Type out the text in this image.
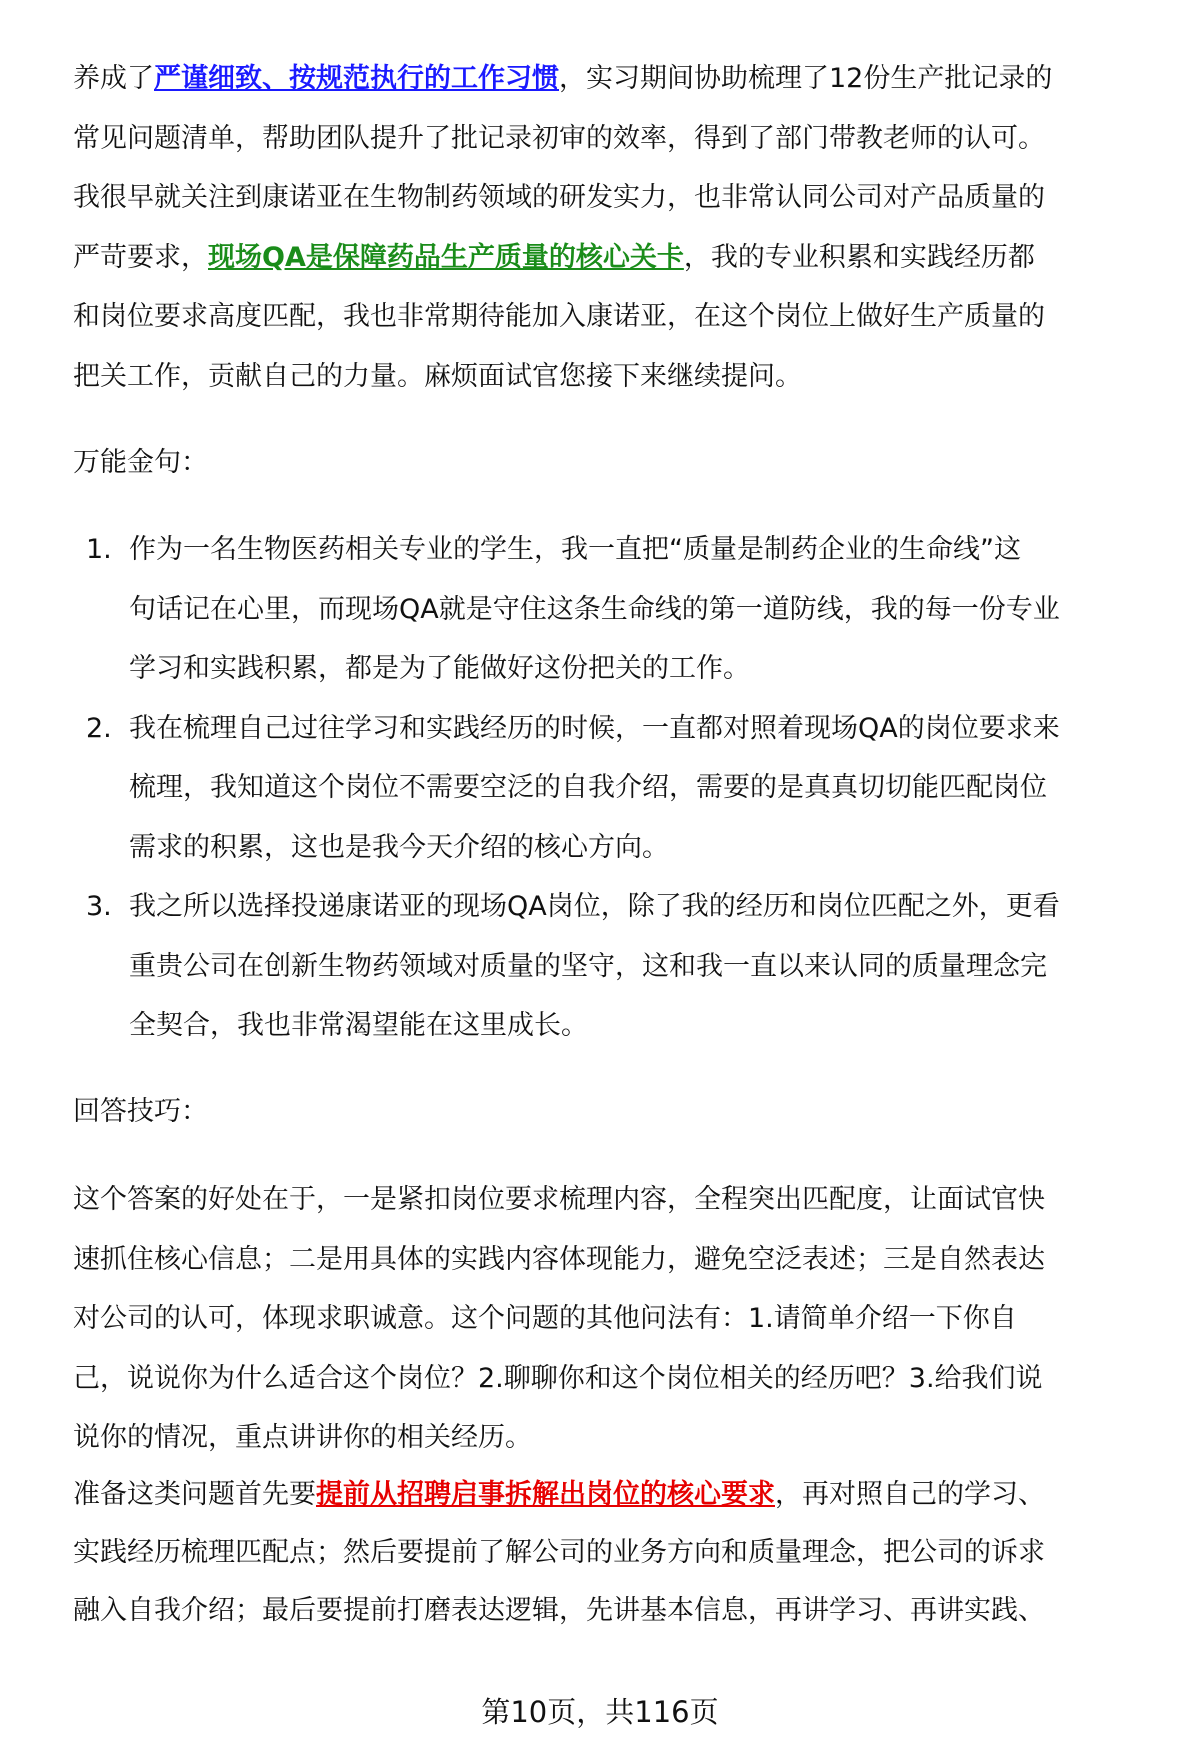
养成了严谨细致、按规范执行的工作习惯，实习期间协助梳理了12份生产批记录的
常见问题清单，帮助团队提升了批记录初审的效率，得到了部门带教老师的认可。
我很早就关注到康诺亚在生物制药领域的研发实力，也非常认同公司对产品质量的
严苛要求，现场QA是保障药品生产质量的核心关卡，我的专业积累和实践经历都
和岗位要求高度匹配，我也非常期待能加入康诺亚，在这个岗位上做好生产质量的
把关工作，贡献自己的力量。麻烦面试官您接下来继续提问。
万能金句：
1. 作为一名生物医药相关专业的学生，我一直把“质量是制药企业的生命线”这
句话记在心里，而现场QA就是守住这条生命线的第一道防线，我的每一份专业
学习和实践积累，都是为了能做好这份把关的工作。
2. 我在梳理自己过往学习和实践经历的时候，一直都对照着现场QA的岗位要求来
梳理，我知道这个岗位不需要空泛的自我介绍，需要的是真真切切能匹配岗位
需求的积累，这也是我今天介绍的核心方向。
3. 我之所以选择投递康诺亚的现场QA岗位，除了我的经历和岗位匹配之外，更看
重贵公司在创新生物药领域对质量的坚守，这和我一直以来认同的质量理念完
全契合，我也非常渴望能在这里成长。
回答技巧：
这个答案的好处在于，一是紧扣岗位要求梳理内容，全程突出匹配度，让面试官快
速抓住核心信息；二是用具体的实践内容体现能力，避免空泛表述；三是自然表达
对公司的认可，体现求职诚意。这个问题的其他问法有：1.请简单介绍一下你自
己，说说你为什么适合这个岗位？2.聊聊你和这个岗位相关的经历吧？3.给我们说
说你的情况，重点讲讲你的相关经历。
准备这类问题首先要提前从招聘启事拆解出岗位的核心要求，再对照自己的学习、
实践经历梳理匹配点；然后要提前了解公司的业务方向和质量理念，把公司的诉求
融入自我介绍；最后要提前打磨表达逻辑，先讲基本信息，再讲学习、再讲实践、
第10页，共116页
